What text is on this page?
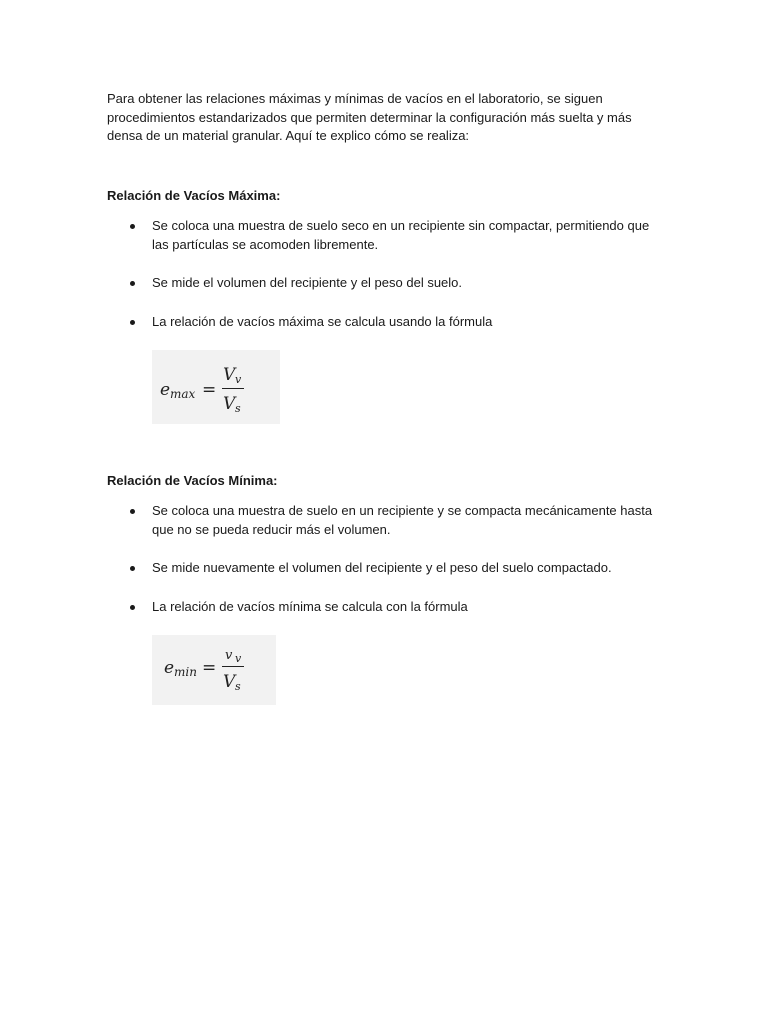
Para obtener las relaciones máximas y mínimas de vacíos en el laboratorio, se siguen procedimientos estandarizados que permiten determinar la configuración más suelta y más densa de un material granular. Aquí te explico cómo se realiza:

Relación de Vacíos Máxima:
Se coloca una muestra de suelo seco en un recipiente sin compactar, permitiendo que las partículas se acomoden libremente.
Se mide el volumen del recipiente y el peso del suelo.
La relación de vacíos máxima se calcula usando la fórmula
e max =
V v
V s
Relación de Vacíos Mínima:
Se coloca una muestra de suelo en un recipiente y se compacta mecánicamente hasta que no se pueda reducir más el volumen.
Se mide nuevamente el volumen del recipiente y el peso del suelo compactado.
La relación de vacíos mínima se calcula con la fórmula
e min =
v v
V s
